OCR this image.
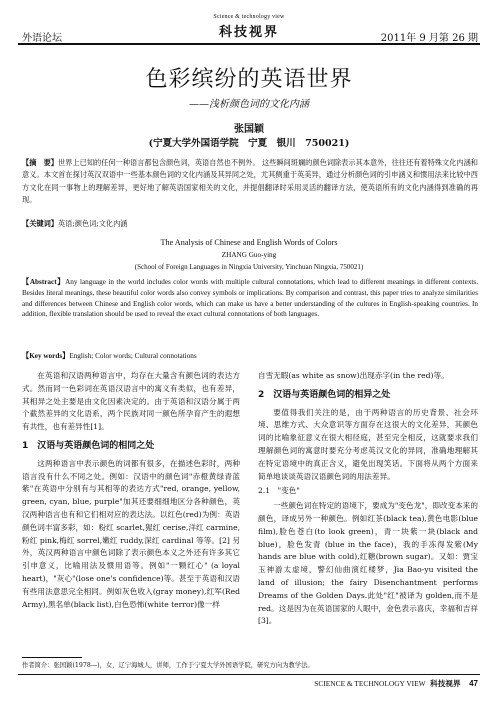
外语论坛
Science & technology view
科技视界	2011年 9 月第 26 期
色彩缤纷的英语世界
——浅析颜色词的文化内涵
张国颖
(宁夏大学外国语学院　宁夏　银川　750021)
【摘　要】世界上已知的任何一种语言都包含颜色词，英语自然也不例外。 这些瞬间斑斓的颜色词除表示其本意外，往往还有着特殊文化内涵和意义。本文首在探讨英汉双语中一些基本颜色词的文化内涵及其异同之处，尤其侧重于英美异，通过分析颜色词的引申涵义和惯用法来比较中西方文化在同一事物上的理解差异，更好地了解英语国家相关的文化，并提倡翻译时采用灵活的翻译方法，使英语所有的文化内涵得到准确的再现。
【关键词】英语;颜色词;文化内涵
The Analysis of Chinese and English Words of Colors
ZHANG Guo-ying
(School of Foreign Languages in Ningxia University, Yinchuan Ningxia, 750021)
【Abstract】Any language in the world includes color words with multiple cultural connotations, which lead to different meanings in different contexts. Besides literal meanings, these beautiful color words also convey symbols or implications. By comparison and contrast, this paper tries to analyze similarities and differences between Chinese and English color words, which can make us have a better understanding of the cultures in English-speaking countries. In addition, flexible translation should be used to reveal the exact cultural connotations of both languages.
【Key words】English; Color words; Cultural connotations

在英语和汉语两种语言中，均存在大量含有颜色词的表达方式。然而同一色彩词在英语汉语言中的寓义有类似，也有差异，其相异之处主要是由文化因素决定的。由于英语和汉语分属于两个截然差异的文化语系，两个民族对同一颜色所孕育产生的遐想有共性，也有差异性[1]。

1　汉语与英语颜色词的相同之处

这两种语言中表示颜色的词都有很多，在描述色彩时，两种语言没有什么不同之处。例如：汉语中的颜色词"赤橙黄绿青蓝紫"在英语中分别有与其相等的表达方式"red, orange, yellow, green, cyan, blue, purple"加其还要细细地区分各种颜色，英汉两种语言也有和它们相对应的表达法。以红色(red)为例：英语颜色词丰富多彩，如：粉红 scarlet,猩红 cerise,洋红 carmine,粉红 pink,梅红 sorrel,嫩红 ruddy,深红 cardinal 等等。[2] 另外，英汉两种语言中颜色词除了表示颜色本义之外还有许多其它引申意义，比喻用法及惯用语等。例如"一颗红心" (a loyal heart)，"灰心"(lose one's confidence)等。甚至于英语和汉语有些用法意思完全相同。例如灰色收入(gray money),红军(Red Army),黑名单(black list),白色恐怖(white terror)像一样

自雪无暇(as white as snow)出现赤字(in the red)等。

2　汉语与英语颜色词的相异之处

要值得我们关注的是，由于两种语言的历史背景、社会环境、思维方式、大众意识等方面存在这很大的文化差异，其颜色词的比喻象征意义在很大相径庭，甚至完全相反，这就要求我们理解颜色词的寓意时要充分考虑英汉文化的异同，准确地理解其在特定语境中的真正含义，避免出现笑话。下面将从两个方面来简单地谈谈英语汉语颜色词的用法差异。

2.1　"变色"

一些颜色词在特定的语境下，要成为"变色龙"，即改变本来的颜色，译成另外一种颜色。例如红茶(black tea),黄色电影(blue film),脸色苍白(to look green)，青一块紫一块(black and blue)，脸色发青 (blue in the face)，我的手冻得发紫(My hands are blue with cold),红糖(brown sugar)。又如：贾宝玉神游太虚境，警幻仙曲演红楼梦，Jia Bao-yu visited the land of illusion; the fairy Disenchantment performs Dreams of the Golden Days.此处"红"被译为 golden,而不是 red。这是因为在英语国家的人眼中，金色表示喜庆，幸福和吉祥[3]。

作者简介：张国颖(1978—)，女，辽宁海城人，讲师，工作于宁夏大学外国语学院，研究方向为教学法。
SCIENCE & TECHNOLOGY VIEW 科技视界 47
